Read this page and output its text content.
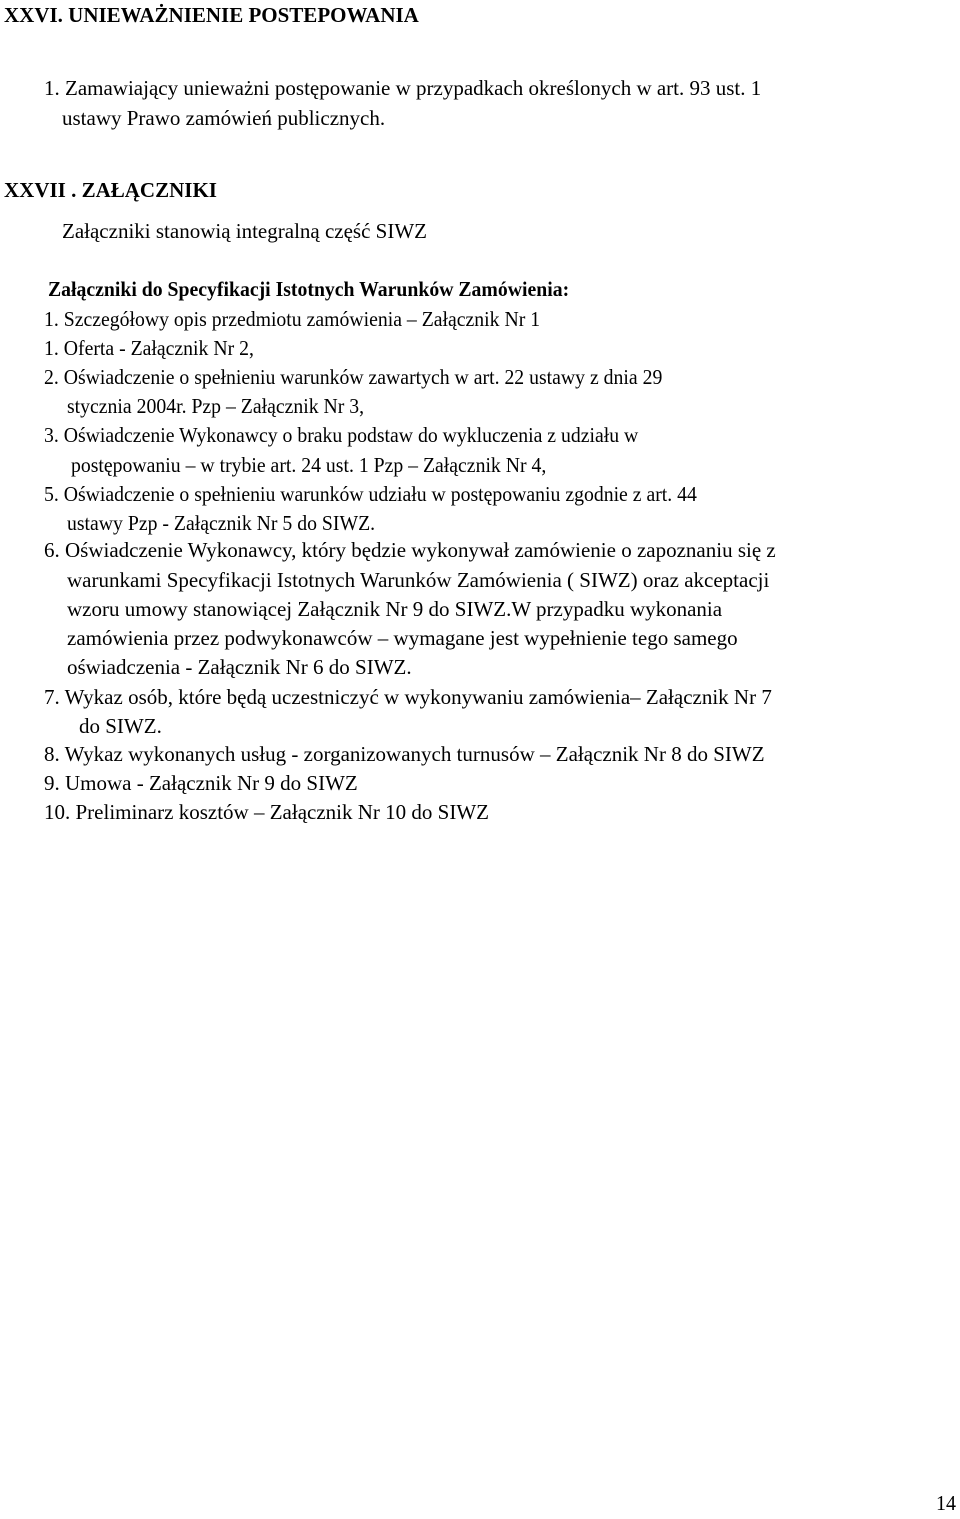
XXVI. UNIEWAŻNIENIE POSTEPOWANIA
1. Zamawiający unieważni postępowanie w przypadkach określonych w art. 93 ust. 1
ustawy Prawo zamówień publicznych.
XXVII . ZAŁĄCZNIKI
Załączniki stanowią integralną część SIWZ
Załączniki do Specyfikacji Istotnych Warunków Zamówienia:
1. Szczegółowy opis przedmiotu zamówienia – Załącznik Nr 1
1. Oferta - Załącznik Nr 2,
2. Oświadczenie o spełnieniu warunków zawartych w art. 22 ustawy z dnia 29
stycznia 2004r. Pzp – Załącznik Nr 3,
3. Oświadczenie Wykonawcy o braku podstaw do wykluczenia z udziału w
postępowaniu – w trybie art. 24 ust. 1 Pzp – Załącznik Nr 4,
5. Oświadczenie o spełnieniu warunków udziału w postępowaniu zgodnie z art. 44
ustawy Pzp - Załącznik Nr 5 do SIWZ.
6. Oświadczenie Wykonawcy, który będzie wykonywał zamówienie o zapoznaniu się z
warunkami Specyfikacji Istotnych Warunków Zamówienia ( SIWZ) oraz akceptacji
wzoru umowy stanowiącej Załącznik Nr 9 do SIWZ.W przypadku wykonania
zamówienia przez podwykonawców – wymagane jest wypełnienie tego samego
oświadczenia - Załącznik Nr 6 do SIWZ.
7. Wykaz osób, które będą uczestniczyć w wykonywaniu zamówienia– Załącznik Nr 7
do SIWZ.
8. Wykaz wykonanych usług - zorganizowanych turnusów – Załącznik Nr 8 do SIWZ
9. Umowa - Załącznik Nr 9 do SIWZ
10. Preliminarz kosztów – Załącznik Nr 10 do SIWZ
14
